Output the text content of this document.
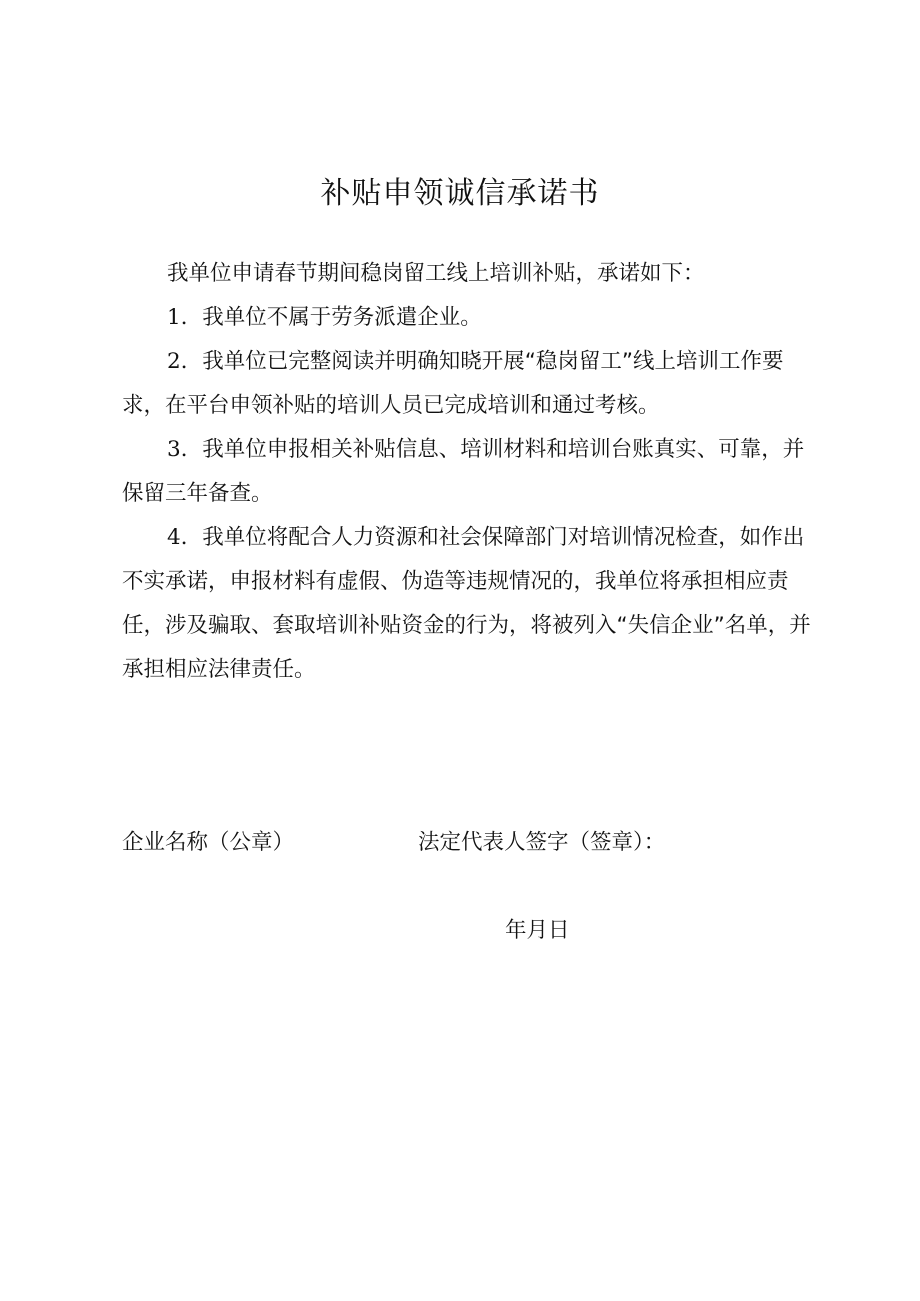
补贴申领诚信承诺书

我单位申请春节期间稳岗留工线上培训补贴，承诺如下：

1．我单位不属于劳务派遣企业。

2．我单位已完整阅读并明确知晓开展“稳岗留工”线上培训工作要求，在平台申领补贴的培训人员已完成培训和通过考核。

3．我单位申报相关补贴信息、培训材料和培训台账真实、可靠，并保留三年备查。

4．我单位将配合人力资源和社会保障部门对培训情况检查，如作出不实承诺，申报材料有虚假、伪造等违规情况的，我单位将承担相应责任，涉及骗取、套取培训补贴资金的行为，将被列入“失信企业”名单，并承担相应法律责任。

企业名称（公章）	法定代表人签字（签章）：
年月日
